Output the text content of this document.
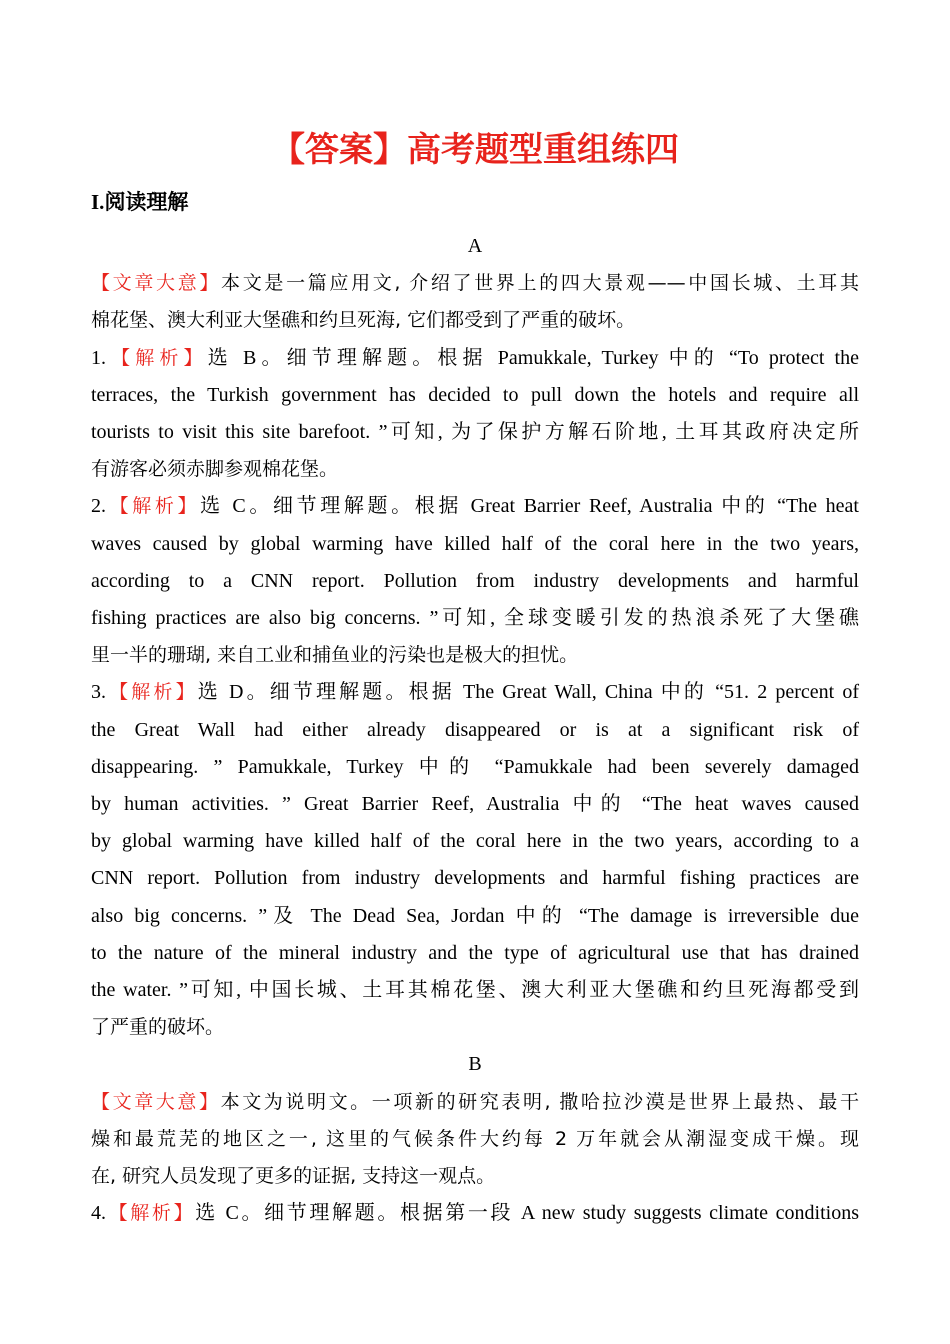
【答案】高考题型重组练四
I.阅读理解

A

【文章大意】本文是一篇应用文, 介绍了世界上的四大景观——中国长城、土耳其
棉花堡、澳大利亚大堡礁和约旦死海, 它们都受到了严重的破坏。
1.【解析】选 B。细节理解题。根据 Pamukkale, Turkey 中的 “To protect the
terraces, the Turkish government has decided to pull down the hotels and require all
tourists to visit this site barefoot. ”可知, 为了保护方解石阶地, 土耳其政府决定所
有游客必须赤脚参观棉花堡。
2.【解析】选 C。细节理解题。根据 Great Barrier Reef, Australia 中的 “The heat
waves caused by global warming have killed half of the coral here in the two years,
according to a CNN report. Pollution from industry developments and harmful
fishing practices are also big concerns. ”可知, 全球变暖引发的热浪杀死了大堡礁
里一半的珊瑚, 来自工业和捕鱼业的污染也是极大的担忧。
3.【解析】选 D。细节理解题。根据 The Great Wall, China 中的 “51. 2 percent of
the Great Wall had either already disappeared or is at a significant risk of
disappearing. ” Pamukkale, Turkey 中的 “Pamukkale had been severely damaged
by human activities. ” Great Barrier Reef, Australia 中的 “The heat waves caused
by global warming have killed half of the coral here in the two years, according to a
CNN report. Pollution from industry developments and harmful fishing practices are
also big concerns. ”及 The Dead Sea, Jordan 中的 “The damage is irreversible due
to the nature of the mineral industry and the type of agricultural use that has drained
the water. ”可知, 中国长城、土耳其棉花堡、澳大利亚大堡礁和约旦死海都受到
了严重的破坏。

B

【文章大意】本文为说明文。一项新的研究表明, 撒哈拉沙漠是世界上最热、最干
燥和最荒芜的地区之一, 这里的气候条件大约每 2 万年就会从潮湿变成干燥。现
在, 研究人员发现了更多的证据, 支持这一观点。
4.【解析】选 C。细节理解题。根据第一段 A new study suggests climate conditions
